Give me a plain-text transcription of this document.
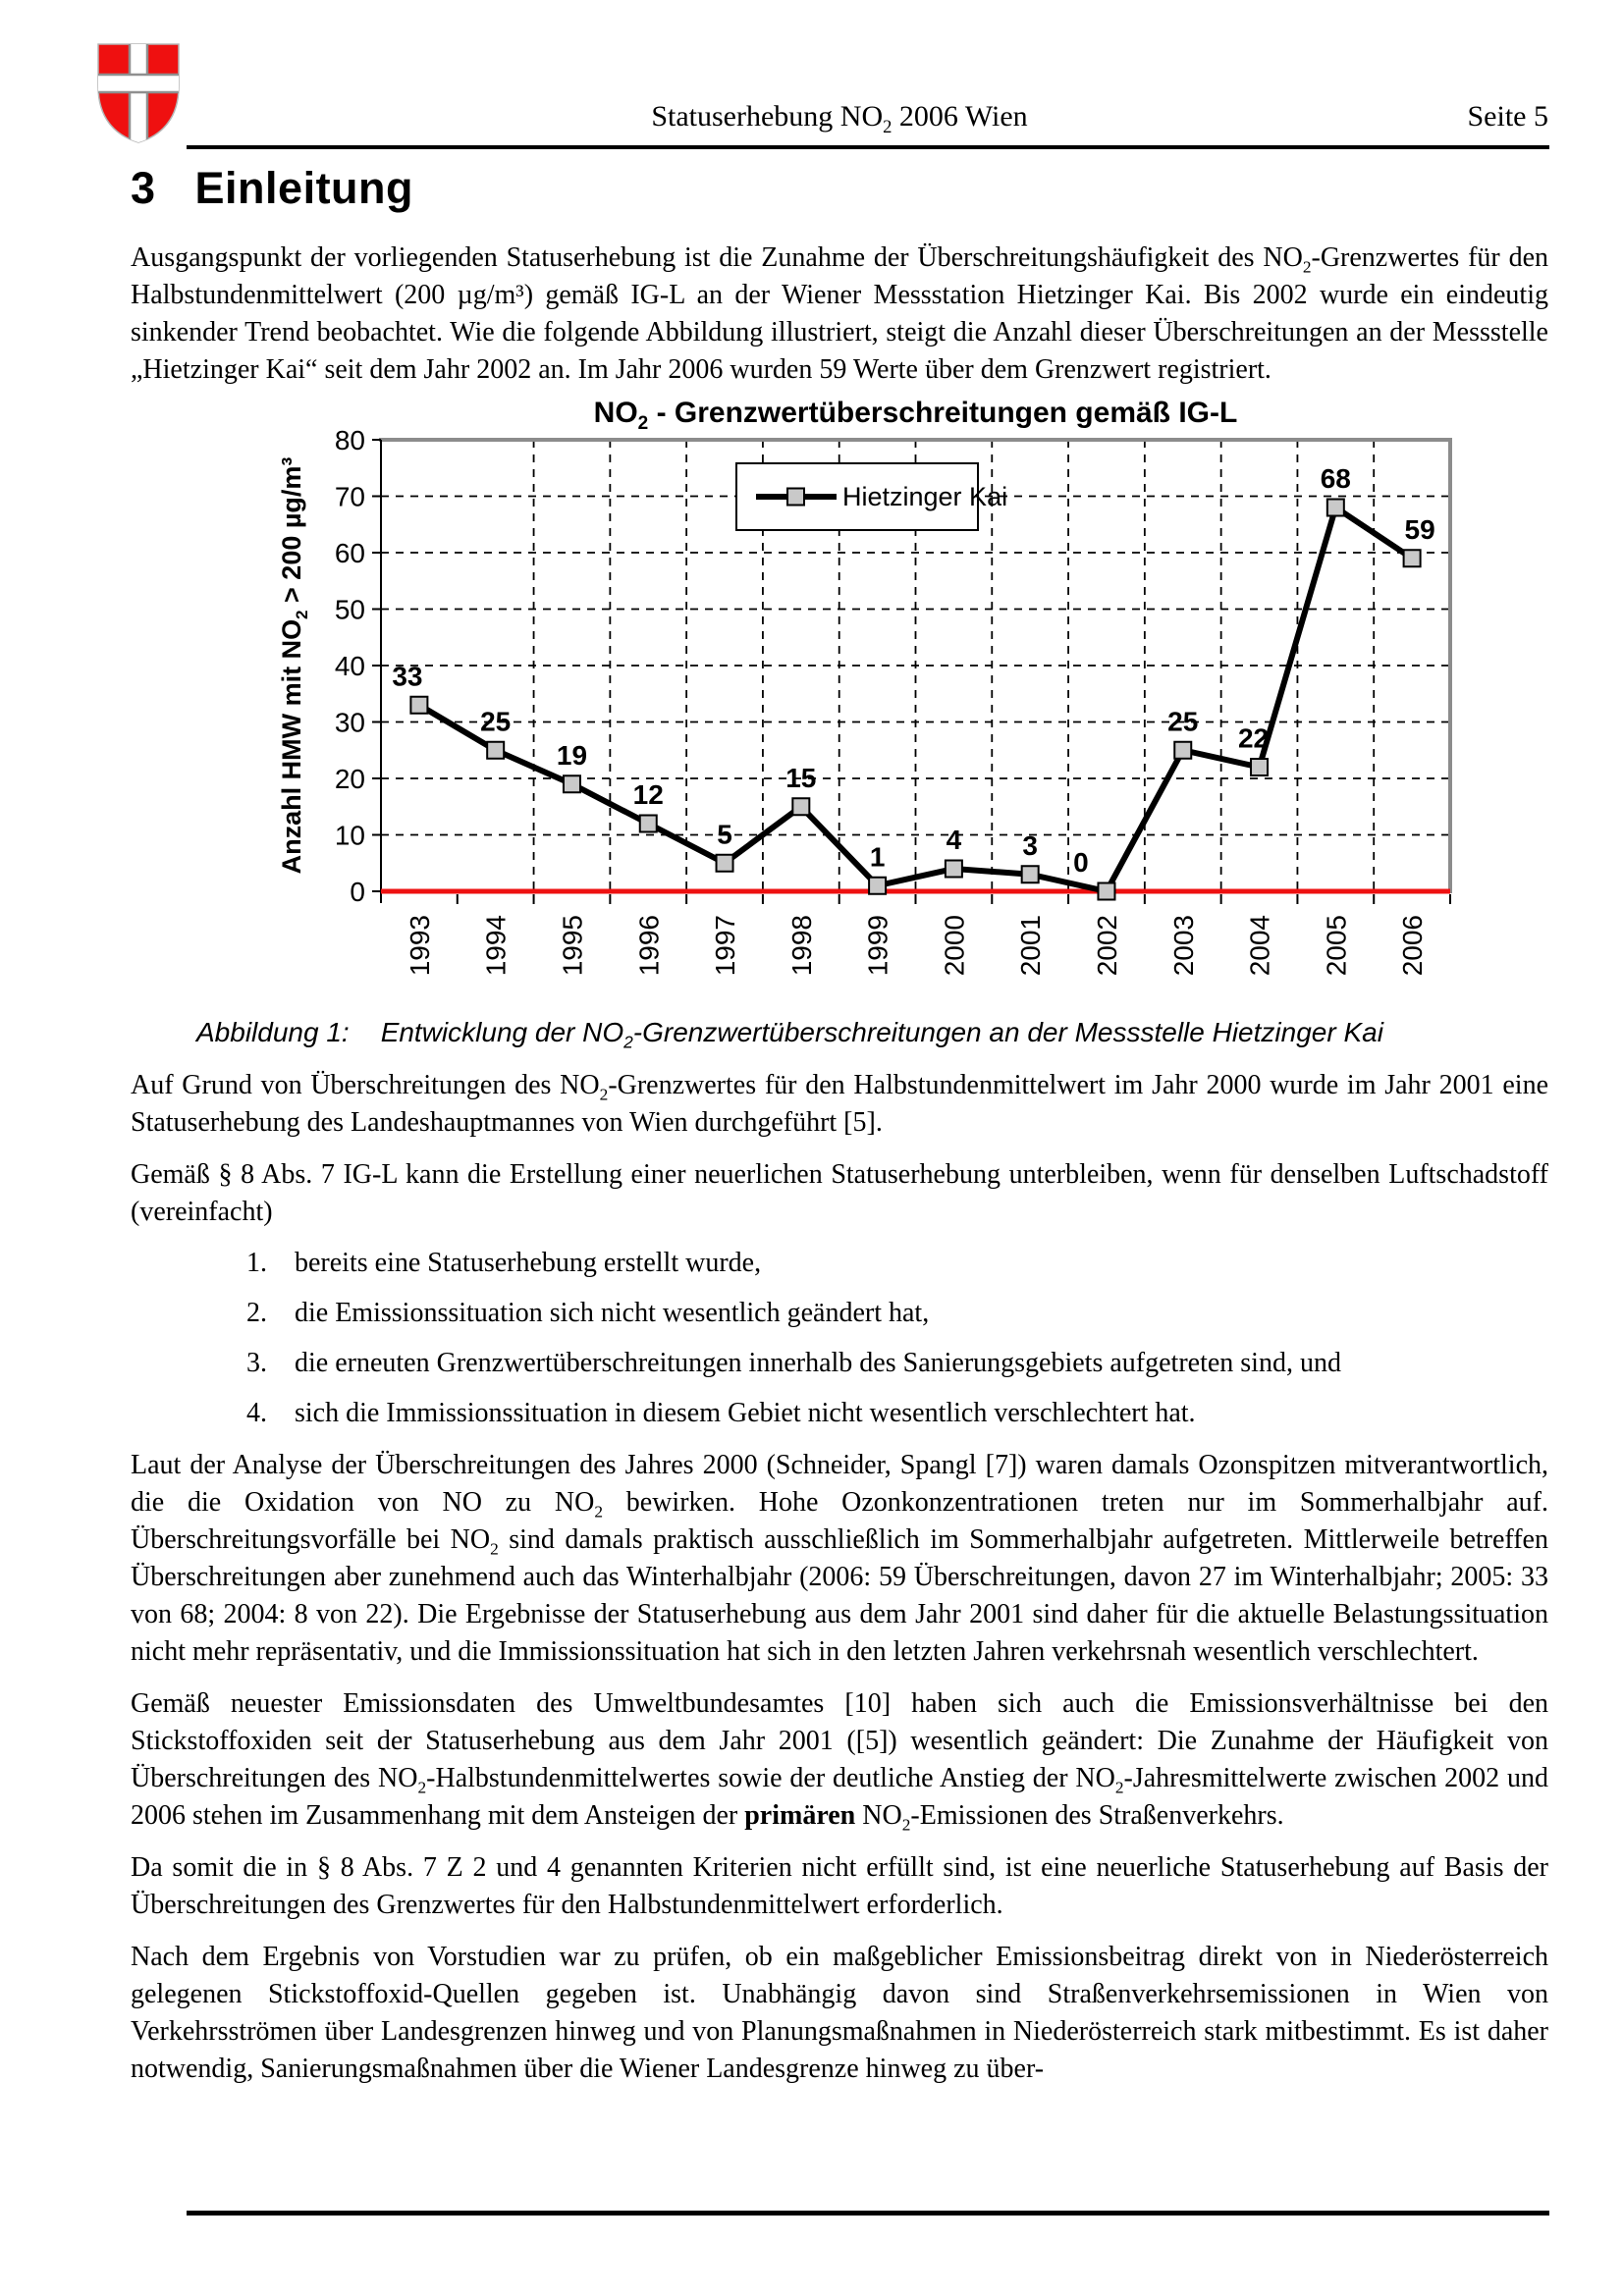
Statuserhebung $NO_2$ 2006 Wien	Seite 5
3 Einleitung

Ausgangspunkt der vorliegenden Statuserhebung ist die Zunahme der Überschreitungshäufigkeit des $NO_2$-Grenzwertes für den Halbstundenmittelwert (200 µg/m³) gemäß IG-L an der Wiener Messstation Hietzinger Kai. Bis 2002 wurde ein eindeutig sinkender Trend beobachtet. Wie die folgende Abbildung illustriert, steigt die Anzahl dieser Überschreitungen an der Messstelle „Hietzinger Kai“ seit dem Jahr 2002 an. Im Jahr 2006 wurden 59 Werte über dem Grenzwert registriert.

$NO_2$ - Grenzwertüberschreitungen gemäß IG-L
0
10
20
30
40
50
60
70
80
1993 1994 1995 1996 1997 1998 1999 2000 2001 2002 2003 2004 2005 2006
Anzahl HMW mit $NO_2 > 200$ µg/m³
33
25
19
12
5
15
1
4 3
0
25
22
68
59
Hietzinger Kai
Abbildung 1: Entwicklung der $NO_2$-Grenzwertüberschreitungen an der Messstelle Hietzinger Kai

Auf Grund von Überschreitungen des $NO_2$-Grenzwertes für den Halbstundenmittelwert im Jahr 2000 wurde im Jahr 2001 eine Statuserhebung des Landeshauptmannes von Wien durchgeführt [5].

Gemäß § 8 Abs. 7 IG-L kann die Erstellung einer neuerlichen Statuserhebung unterbleiben, wenn für denselben Luftschadstoff (vereinfacht)

bereits eine Statuserhebung erstellt wurde,
die Emissionssituation sich nicht wesentlich geändert hat,
die erneuten Grenzwertüberschreitungen innerhalb des Sanierungsgebiets aufgetreten sind, und
sich die Immissionssituation in diesem Gebiet nicht wesentlich verschlechtert hat.

Laut der Analyse der Überschreitungen des Jahres 2000 (Schneider, Spangl [7]) waren damals Ozonspitzen mitverantwortlich, die die Oxidation von NO zu $NO_2$ bewirken. Hohe Ozonkonzentrationen treten nur im Sommerhalbjahr auf. Überschreitungsvorfälle bei $NO_2$ sind damals praktisch ausschließlich im Sommerhalbjahr aufgetreten. Mittlerweile betreffen Überschreitungen aber zunehmend auch das Winterhalbjahr (2006: 59 Überschreitungen, davon 27 im Winterhalbjahr; 2005: 33 von 68; 2004: 8 von 22). Die Ergebnisse der Statuserhebung aus dem Jahr 2001 sind daher für die aktuelle Belastungssituation nicht mehr repräsentativ, und die Immissionssituation hat sich in den letzten Jahren verkehrsnah wesentlich verschlechtert.

Gemäß neuester Emissionsdaten des Umweltbundesamtes [10] haben sich auch die Emissionsverhältnisse bei den Stickstoffoxiden seit der Statuserhebung aus dem Jahr 2001 ([5]) wesentlich geändert: Die Zunahme der Häufigkeit von Überschreitungen des $NO_2$-Halbstundenmittelwertes sowie der deutliche Anstieg der $NO_2$-Jahresmittelwerte zwischen 2002 und 2006 stehen im Zusammenhang mit dem Ansteigen der primären $NO_2$-Emissionen des Straßenverkehrs.

Da somit die in § 8 Abs. 7 Z 2 und 4 genannten Kriterien nicht erfüllt sind, ist eine neuerliche Statuserhebung auf Basis der Überschreitungen des Grenzwertes für den Halbstundenmittelwert erforderlich.

Nach dem Ergebnis von Vorstudien war zu prüfen, ob ein maßgeblicher Emissionsbeitrag direkt von in Niederösterreich gelegenen Stickstoffoxid-Quellen gegeben ist. Unabhängig davon sind Straßenverkehrsemissionen in Wien von Verkehrsströmen über Landesgrenzen hinweg und von Planungsmaßnahmen in Niederösterreich stark mitbestimmt. Es ist daher notwendig, Sanierungsmaßnahmen über die Wiener Landesgrenze hinweg zu über-
